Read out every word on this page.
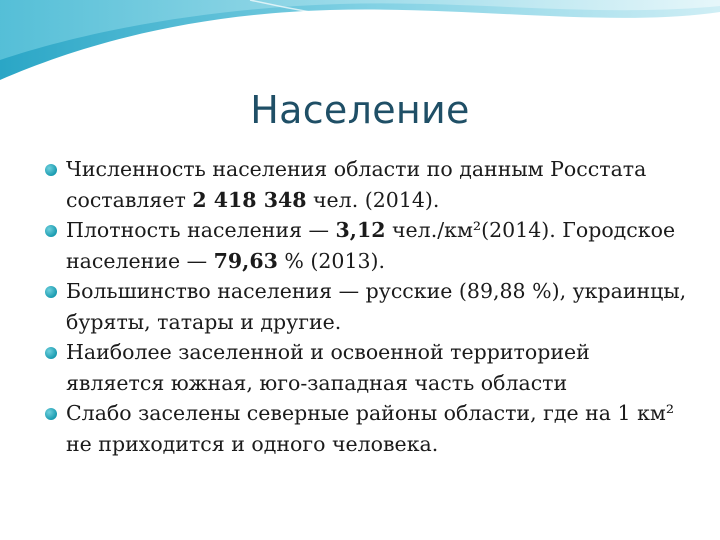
Население
Численность населения области по данным Росстата составляет 2 418 348 чел. (2014).
Плотность населения — 3,12 чел./км²(2014). Городское население — 79,63 % (2013).
Большинство населения — русские (89,88 %), украинцы, буряты, татары и другие.
Наиболее заселенной и освоенной территорией является южная, юго-западная часть области
Слабо заселены северные районы области, где на 1 км² не приходится и одного человека.
